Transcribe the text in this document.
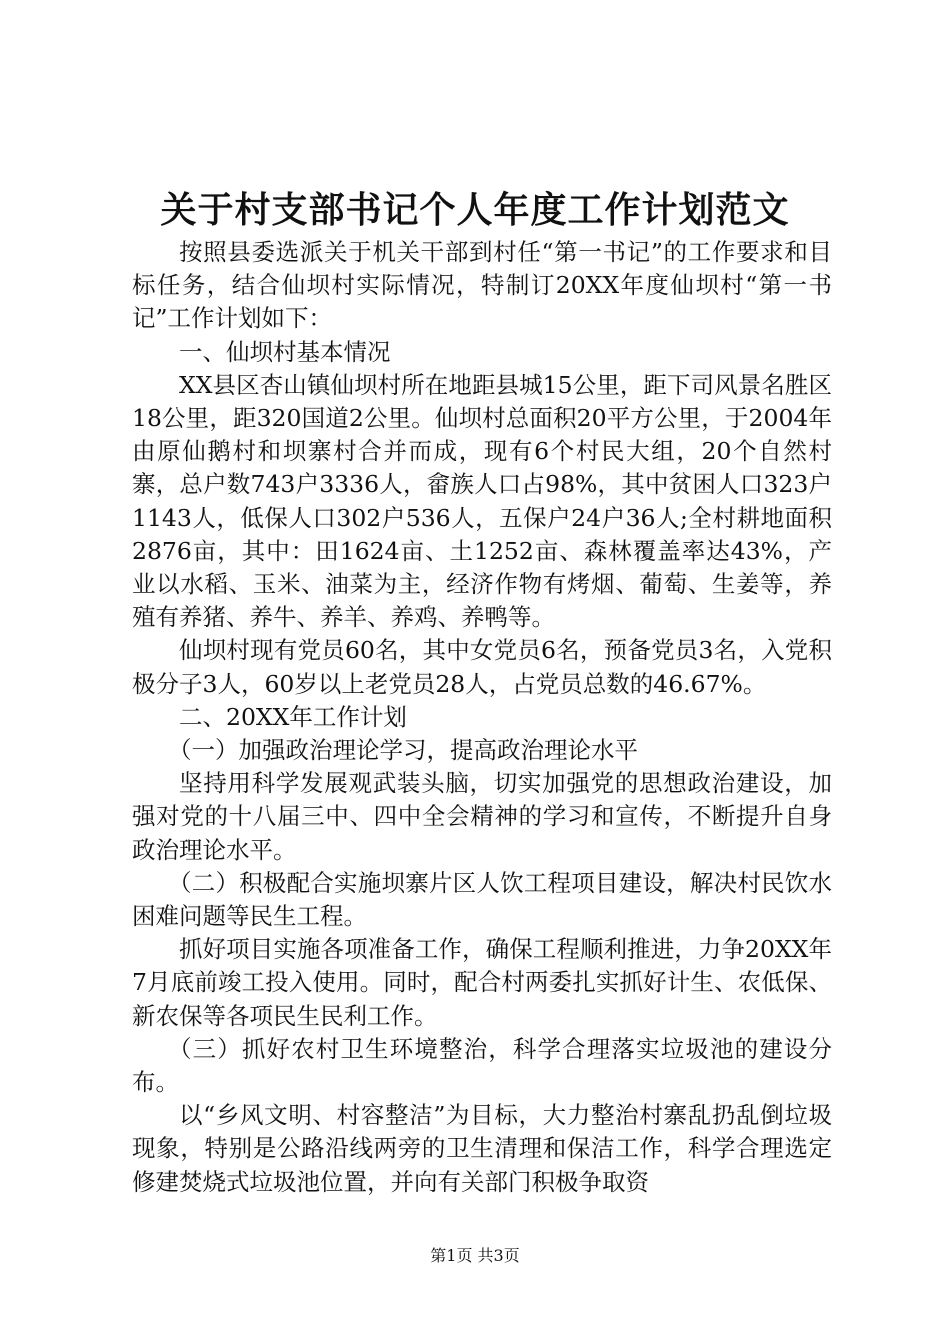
关于村支部书记个人年度工作计划范文

按照县委选派关于机关干部到村任“第一书记”的工作要求和目标任务，结合仙坝村实际情况，特制订20XX年度仙坝村“第一书记”工作计划如下：

一、仙坝村基本情况

XX县区杏山镇仙坝村所在地距县城15公里，距下司风景名胜区18公里，距320国道2公里。仙坝村总面积20平方公里，于2004年由原仙鹅村和坝寨村合并而成，现有6个村民大组，20个自然村寨，总户数743户3336人，畲族人口占98%，其中贫困人口323户1143人，低保人口302户536人，五保户24户36人;全村耕地面积2876亩，其中：田1624亩、土1252亩、森林覆盖率达43%，产业以水稻、玉米、油菜为主，经济作物有烤烟、葡萄、生姜等，养殖有养猪、养牛、养羊、养鸡、养鸭等。

仙坝村现有党员60名，其中女党员6名，预备党员3名，入党积极分子3人，60岁以上老党员28人，占党员总数的46.67%。

二、20XX年工作计划

（一）加强政治理论学习，提高政治理论水平

坚持用科学发展观武装头脑，切实加强党的思想政治建设，加强对党的十八届三中、四中全会精神的学习和宣传，不断提升自身政治理论水平。

（二）积极配合实施坝寨片区人饮工程项目建设，解决村民饮水困难问题等民生工程。

抓好项目实施各项准备工作，确保工程顺利推进，力争20XX年7月底前竣工投入使用。同时，配合村两委扎实抓好计生、农低保、新农保等各项民生民利工作。

（三）抓好农村卫生环境整治，科学合理落实垃圾池的建设分布。

以“乡风文明、村容整洁”为目标，大力整治村寨乱扔乱倒垃圾现象，特别是公路沿线两旁的卫生清理和保洁工作，科学合理选定修建焚烧式垃圾池位置，并向有关部门积极争取资

第1页 共3页
